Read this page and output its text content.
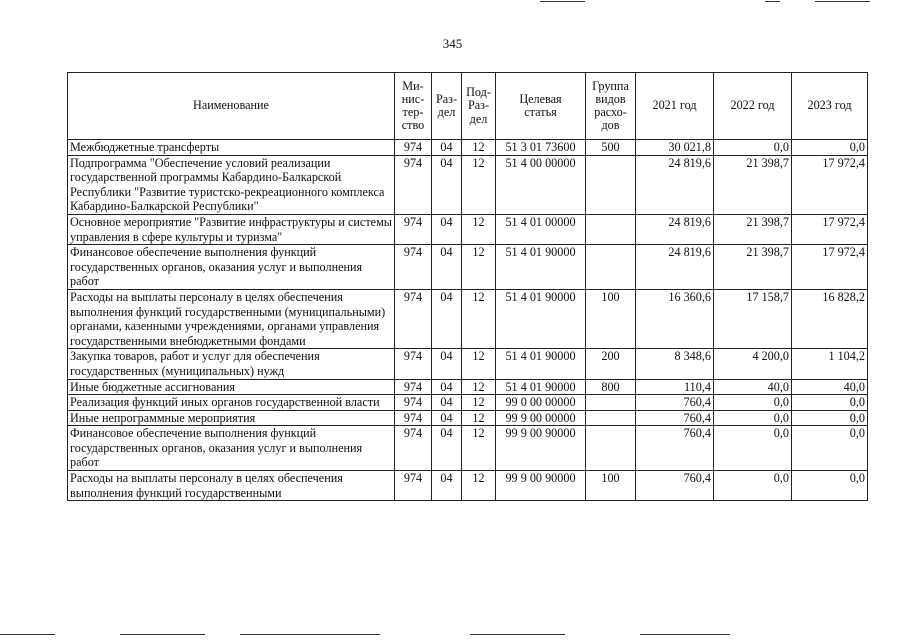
345
Наименование	Ми-
нис-
тер-
ство	Раз-
дел	Под-
Раз-
дел	Целевая
статья	Группа
видов
расхо-
дов	2021 год	2022 год	2023 год
Межбюджетные трансферты	974	04	12	51 3 01 73600	500	30 021,8	0,0	0,0
Подпрограмма "Обеспечение условий реализации государственной программы Кабардино-Балкарской Республики "Развитие туристско-рекреационного комплекса Кабардино-Балкарской Республики"	974	04	12	51 4 00 00000		24 819,6	21 398,7	17 972,4
Основное мероприятие "Развитие инфраструктуры и системы управления в сфере культуры и туризма"	974	04	12	51 4 01 00000		24 819,6	21 398,7	17 972,4
Финансовое обеспечение выполнения функций государственных органов, оказания услуг и выполнения работ	974	04	12	51 4 01 90000		24 819,6	21 398,7	17 972,4
Расходы на выплаты персоналу в целях обеспечения выполнения функций государственными (муниципальными) органами, казенными учреждениями, органами управления государственными внебюджетными фондами	974	04	12	51 4 01 90000	100	16 360,6	17 158,7	16 828,2
Закупка товаров, работ и услуг для обеспечения государственных (муниципальных) нужд	974	04	12	51 4 01 90000	200	8 348,6	4 200,0	1 104,2
Иные бюджетные ассигнования	974	04	12	51 4 01 90000	800	110,4	40,0	40,0
Реализация функций иных органов государственной власти	974	04	12	99 0 00 00000		760,4	0,0	0,0
Иные непрограммные мероприятия	974	04	12	99 9 00 00000		760,4	0,0	0,0
Финансовое обеспечение выполнения функций государственных органов, оказания услуг и выполнения работ	974	04	12	99 9 00 90000		760,4	0,0	0,0
Расходы на выплаты персоналу в целях обеспечения выполнения функций государственными	974	04	12	99 9 00 90000	100	760,4	0,0	0,0
